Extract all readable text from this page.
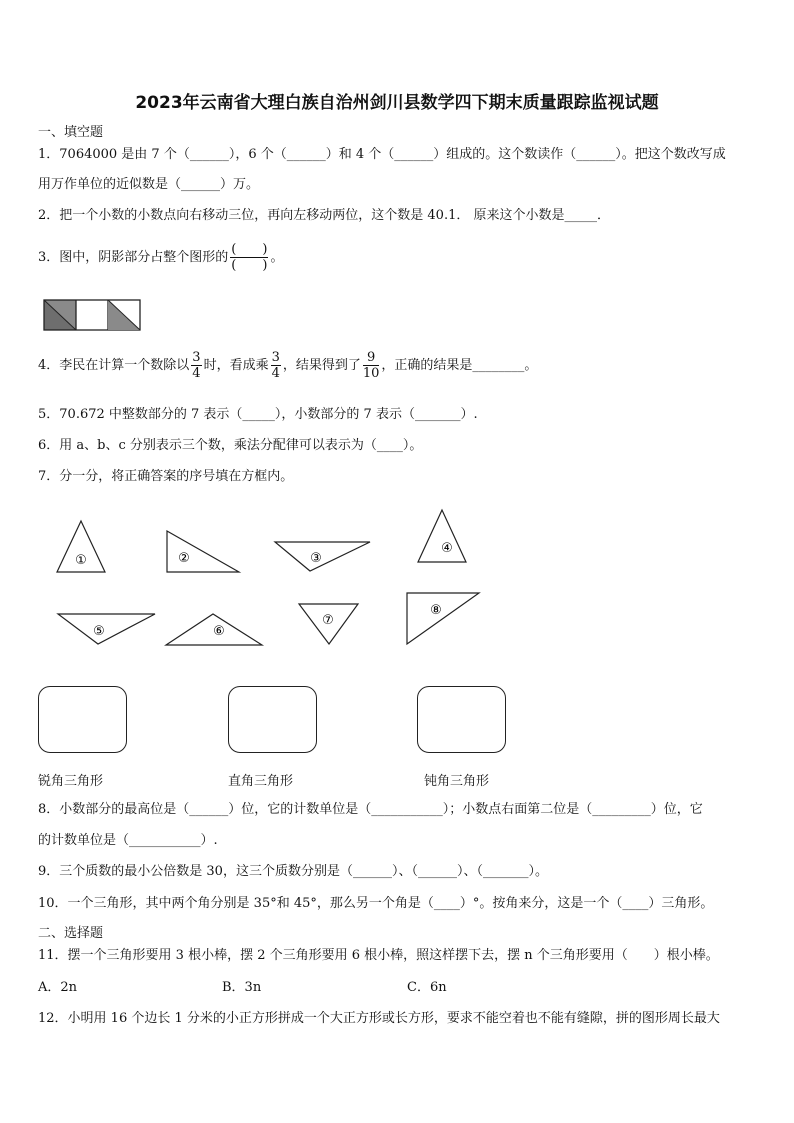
2023年云南省大理白族自治州剑川县数学四下期末质量跟踪监视试题
一、填空题
1．7064000 是由 7 个（______），6 个（______）和 4 个（______）组成的。这个数读作（______）。把这个数改写成
用万作单位的近似数是（______）万。
2．把一个小数的小数点向右移动三位，再向左移动两位，这个数是 40.1． 原来这个小数是_____．
3．图中，阴影部分占整个图形的 $\frac{( )}{( )}$ 。
4．李民在计算一个数除以 $\frac{3}{4}$ 时，看成乘 $\frac{3}{4}$ ，结果得到了 $\frac{9}{10}$ ，正确的结果是________。
5．70.672 中整数部分的 7 表示（_____），小数部分的 7 表示（_______）.
6．用 a、b、c 分别表示三个数，乘法分配律可以表示为（____）。
7．分一分，将正确答案的序号填在方框内。
①	②	③
④
⑤	⑥
⑦
⑧
锐角三角形	直角三角形	钝角三角形
8．小数部分的最高位是（______）位，它的计数单位是（___________）；小数点右面第二位是（_________）位，它
的计数单位是（___________）.
9．三个质数的最小公倍数是 30，这三个质数分别是（______）、（______）、（_______）。
10．一个三角形，其中两个角分别是 35°和 45°，那么另一个角是（____）°。按角来分，这是一个（____）三角形。
二、选择题
11．摆一个三角形要用 3 根小棒，摆 2 个三角形要用 6 根小棒，照这样摆下去，摆 n 个三角形要用（　　）根小棒。
A．2n	B．3n	C．6n
12．小明用 16 个边长 1 分米的小正方形拼成一个大正方形或长方形，要求不能空着也不能有缝隙，拼的图形周长最大
